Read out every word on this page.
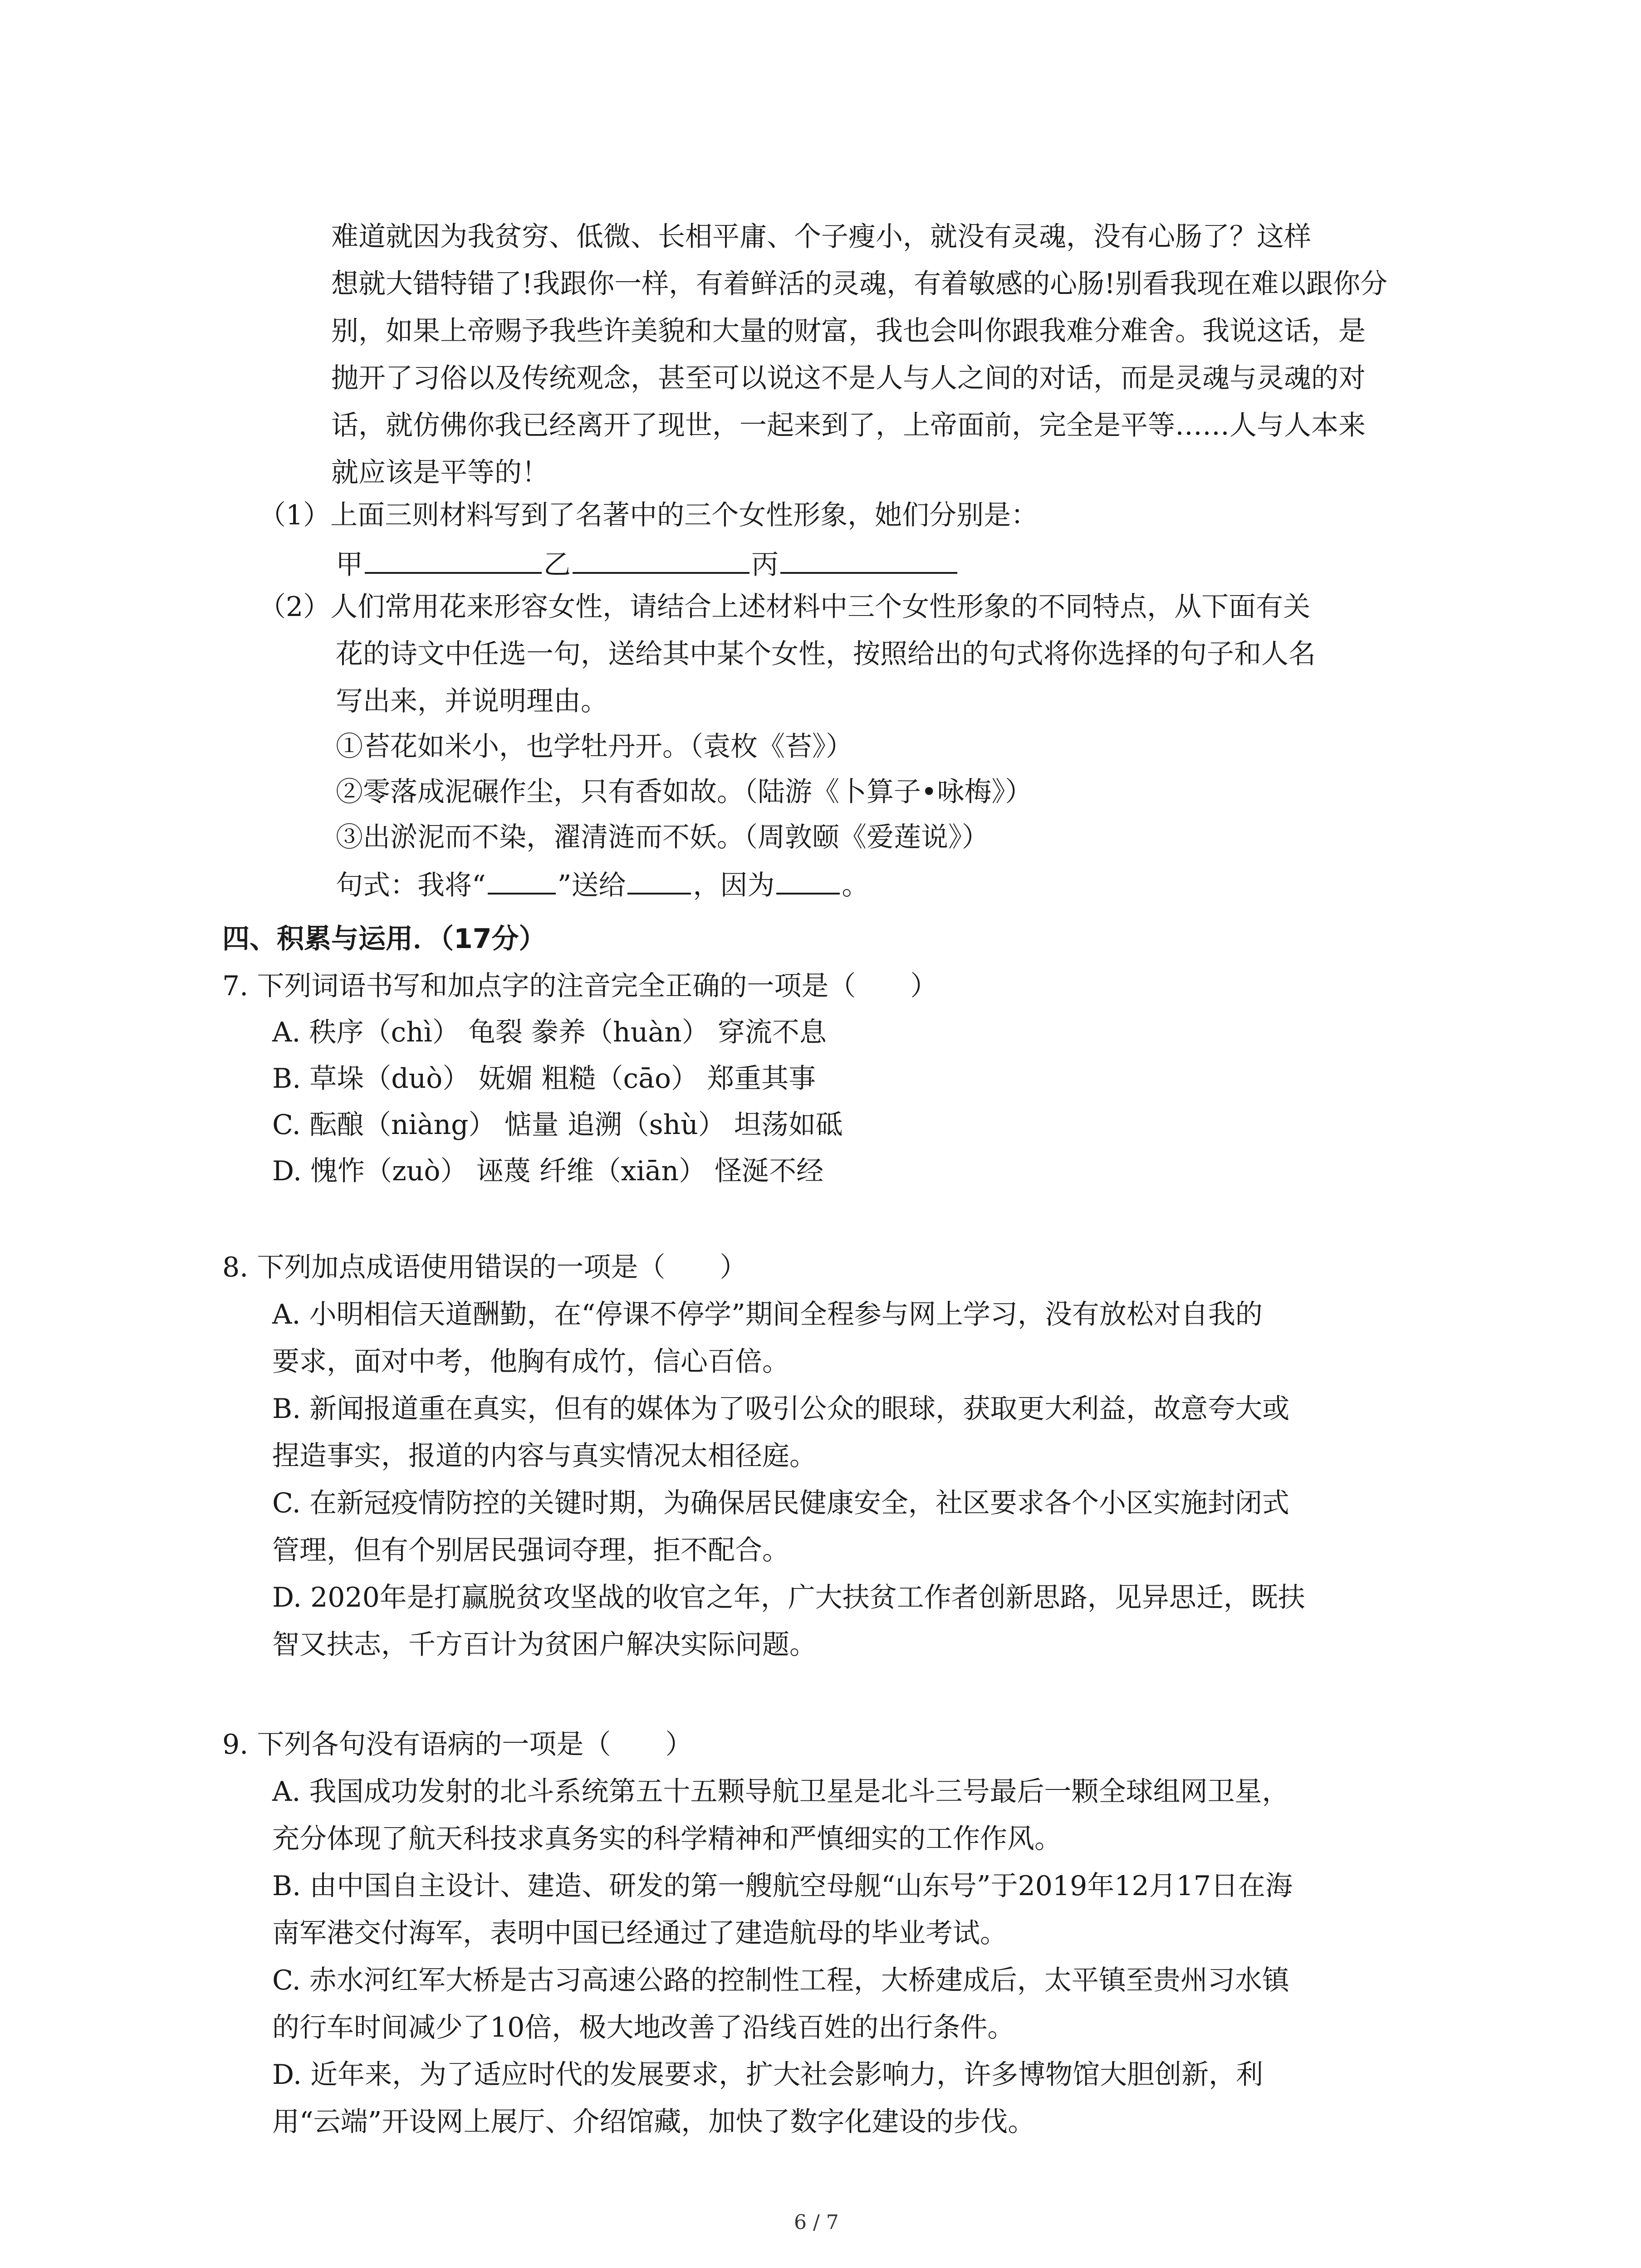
难道就因为我贫穷、低微、长相平庸、个子瘦小，就没有灵魂，没有心肠了？这样
想就大错特错了!我跟你一样，有着鲜活的灵魂，有着敏感的心肠!别看我现在难以跟你分
别，如果上帝赐予我些许美貌和大量的财富，我也会叫你跟我难分难舍。我说这话，是
抛开了习俗以及传统观念，甚至可以说这不是人与人之间的对话，而是灵魂与灵魂的对
话，就仿佛你我已经离开了现世，一起来到了，上帝面前，完全是平等……人与人本来
就应该是平等的！
（1）上面三则材料写到了名著中的三个女性形象，她们分别是：
甲	乙	丙
（2）人们常用花来形容女性，请结合上述材料中三个女性形象的不同特点，从下面有关
花的诗文中任选一句，送给其中某个女性，按照给出的句式将你选择的句子和人名
写出来，并说明理由。
①苔花如米小，也学牡丹开。（袁枚《苔》）
②零落成泥碾作尘，只有香如故。（陆游《卜算子•咏梅》）
③出淤泥而不染，濯清涟而不妖。（周敦颐《爱莲说》）
句式：我将“	”送给 ，因为 。
四、积累与运用．（17分）
7. 下列词语书写和加点字的注音完全正确的一项是（　　）
A. 秩序（chì） 龟裂 豢养（huàn） 穿流不息
B. 草垛（duò） 妩媚 粗糙（cāo） 郑重其事
C. 酝酿（niàng） 惦量 追溯（shù） 坦荡如砥
D. 愧怍（zuò） 诬蔑 纤维（xiān） 怪涎不经
8. 下列加点成语使用错误的一项是（　　）
A. 小明相信天道酬勤，在“停课不停学”期间全程参与网上学习，没有放松对自我的
要求，面对中考，他胸有成竹，信心百倍。
B. 新闻报道重在真实，但有的媒体为了吸引公众的眼球，获取更大利益，故意夸大或
捏造事实，报道的内容与真实情况太相径庭。
C. 在新冠疫情防控的关键时期，为确保居民健康安全，社区要求各个小区实施封闭式
管理，但有个别居民强词夺理，拒不配合。
D. 2020年是打赢脱贫攻坚战的收官之年，广大扶贫工作者创新思路，见异思迁，既扶
智又扶志，千方百计为贫困户解决实际问题。
9. 下列各句没有语病的一项是（　　）
A. 我国成功发射的北斗系统第五十五颗导航卫星是北斗三号最后一颗全球组网卫星，
充分体现了航天科技求真务实的科学精神和严慎细实的工作作风。
B. 由中国自主设计、建造、研发的第一艘航空母舰“山东号”于2019年12月17日在海
南军港交付海军，表明中国已经通过了建造航母的毕业考试。
C. 赤水河红军大桥是古习高速公路的控制性工程，大桥建成后，太平镇至贵州习水镇
的行车时间减少了10倍，极大地改善了沿线百姓的出行条件。
D. 近年来，为了适应时代的发展要求，扩大社会影响力，许多博物馆大胆创新，利
用“云端”开设网上展厅、介绍馆藏，加快了数字化建设的步伐。
6 / 7
